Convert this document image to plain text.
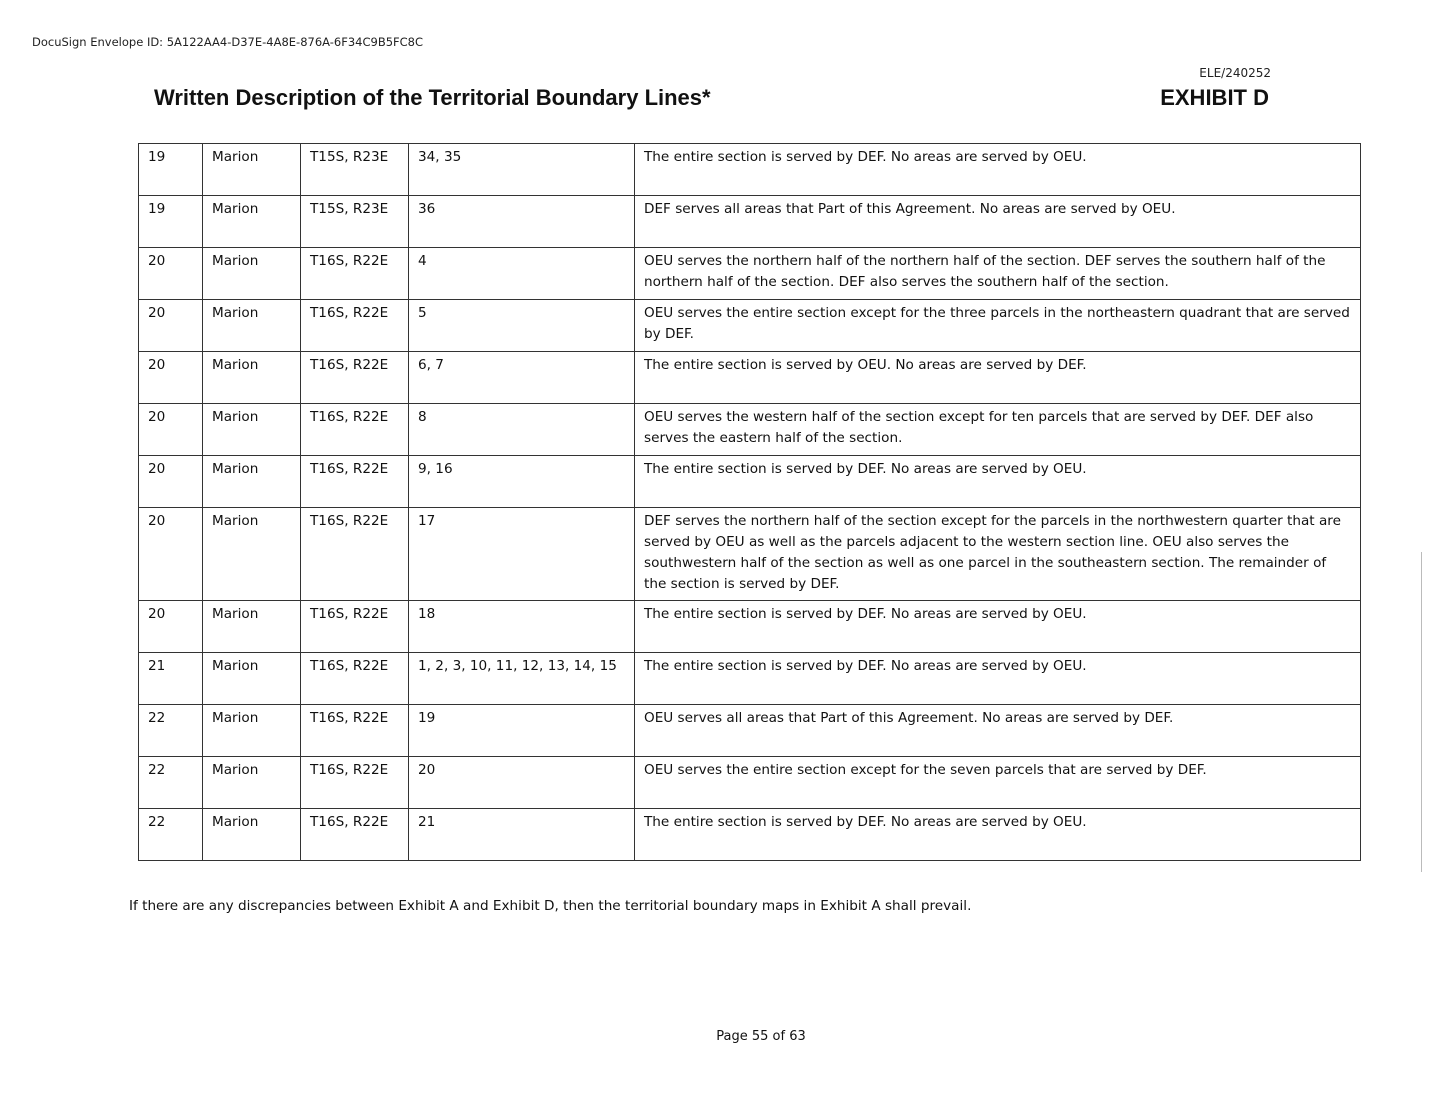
DocuSign Envelope ID: 5A122AA4-D37E-4A8E-876A-6F34C9B5FC8C
ELE/240252
Written Description of the Territorial Boundary Lines*	EXHIBIT D
19	Marion	T15S, R23E	34, 35	The entire section is served by DEF. No areas are served by OEU.
19	Marion	T15S, R23E	36	DEF serves all areas that Part of this Agreement. No areas are served by OEU.
20	Marion	T16S, R22E	4	OEU serves the northern half of the northern half of the section. DEF serves the southern half of the northern half of the section. DEF also serves the southern half of the section.
20	Marion	T16S, R22E	5	OEU serves the entire section except for the three parcels in the northeastern quadrant that are served by DEF.
20	Marion	T16S, R22E	6, 7	The entire section is served by OEU. No areas are served by DEF.
20	Marion	T16S, R22E	8	OEU serves the western half of the section except for ten parcels that are served by DEF. DEF also serves the eastern half of the section.
20	Marion	T16S, R22E	9, 16	The entire section is served by DEF. No areas are served by OEU.
20	Marion	T16S, R22E	17	DEF serves the northern half of the section except for the parcels in the northwestern quarter that are served by OEU as well as the parcels adjacent to the western section line. OEU also serves the southwestern half of the section as well as one parcel in the southeastern section. The remainder of the section is served by DEF.
20	Marion	T16S, R22E	18	The entire section is served by DEF. No areas are served by OEU.
21	Marion	T16S, R22E	1, 2, 3, 10, 11, 12, 13, 14, 15	The entire section is served by DEF. No areas are served by OEU.
22	Marion	T16S, R22E	19	OEU serves all areas that Part of this Agreement. No areas are served by DEF.
22	Marion	T16S, R22E	20	OEU serves the entire section except for the seven parcels that are served by DEF.
22	Marion	T16S, R22E	21	The entire section is served by DEF. No areas are served by OEU.
If there are any discrepancies between Exhibit A and Exhibit D, then the territorial boundary maps in Exhibit A shall prevail.
Page 55 of 63
